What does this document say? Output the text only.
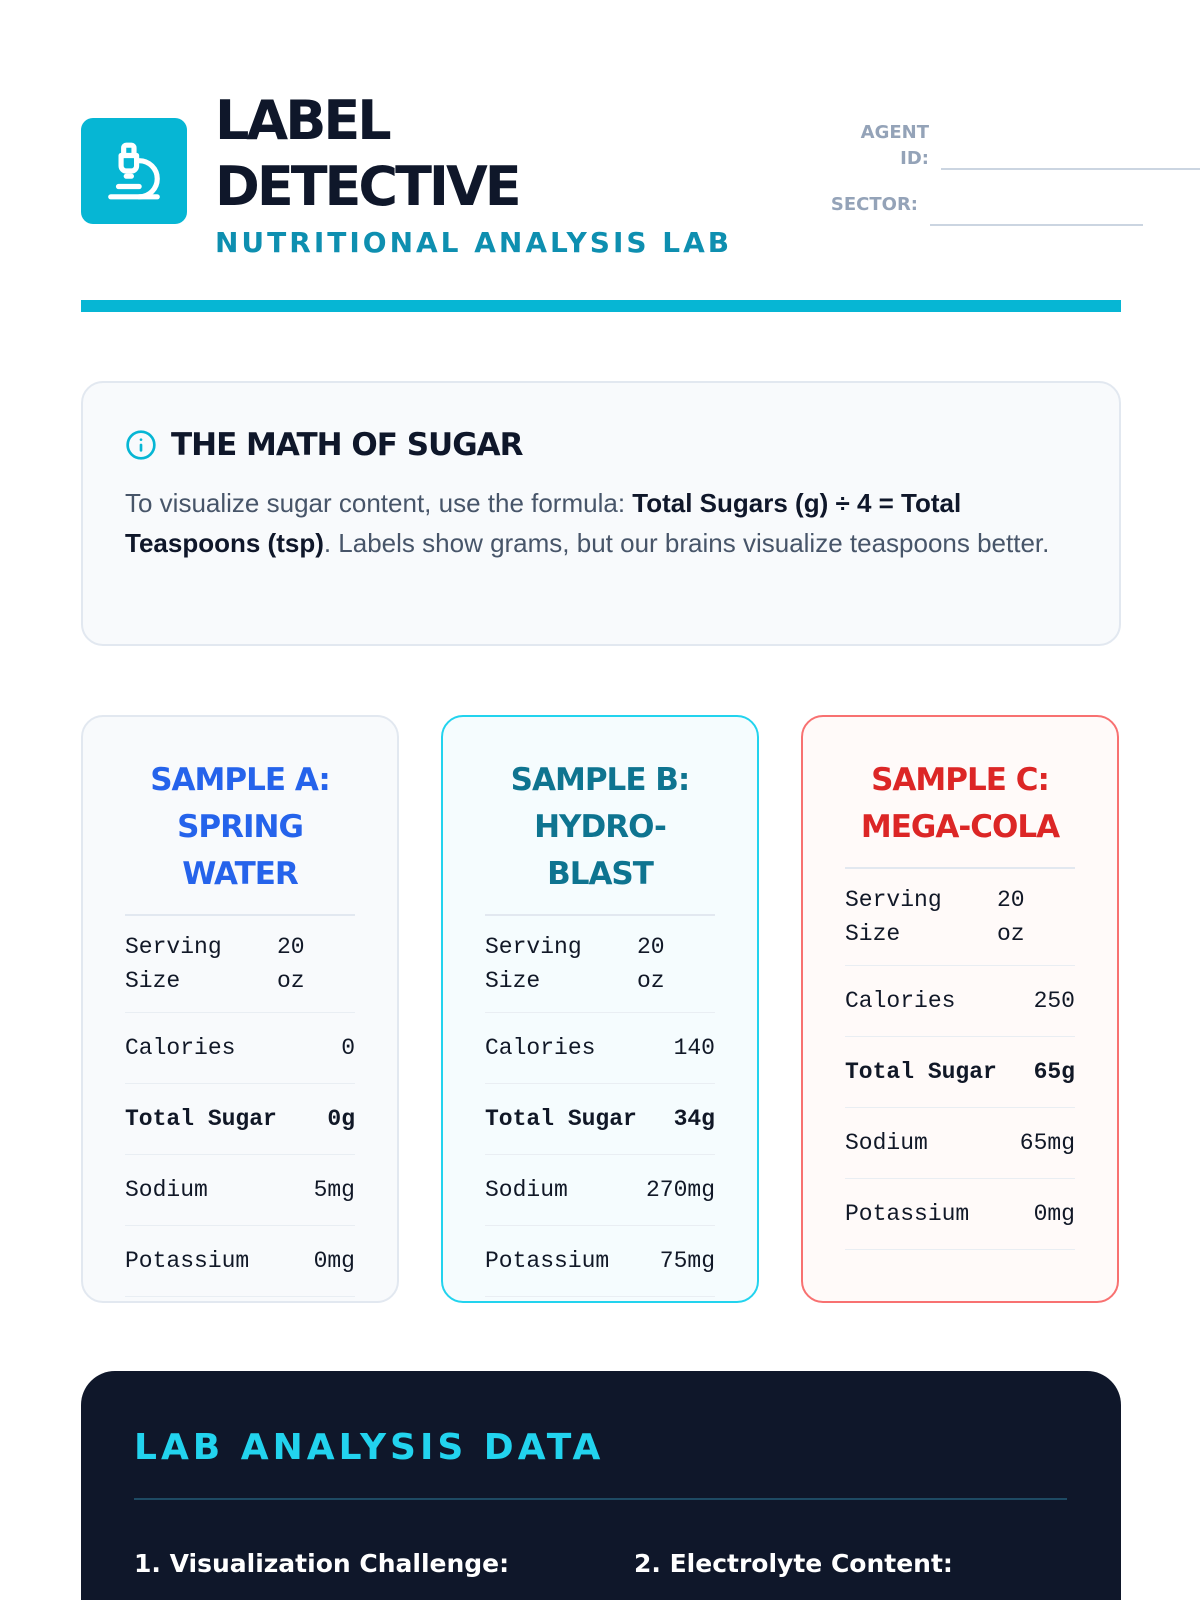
LABEL
DETECTIVE
NUTRITIONAL ANALYSIS LAB
AGENT
ID:
SECTOR:
THE MATH OF SUGAR

To visualize sugar content, use the formula: Total Sugars (g) ÷ 4 = Total Teaspoons (tsp). Labels show grams, but our brains visualize teaspoons better.

SAMPLE A:
SPRING
WATER
Serving Size
20 oz
Calories	0
Total Sugar 0g
Sodium	5mg
Potassium	0mg
SAMPLE B:
HYDRO-
BLAST
Serving Size
20 oz
Calories	140
Total Sugar 34g
Sodium	270mg
Potassium 75mg
SAMPLE C:
MEGA-COLA
Serving Size
20 oz
Calories	250
Total Sugar 65g
Sodium	65mg
Potassium	0mg
LAB ANALYSIS DATA
1. Visualization Challenge:	2. Electrolyte Content:
